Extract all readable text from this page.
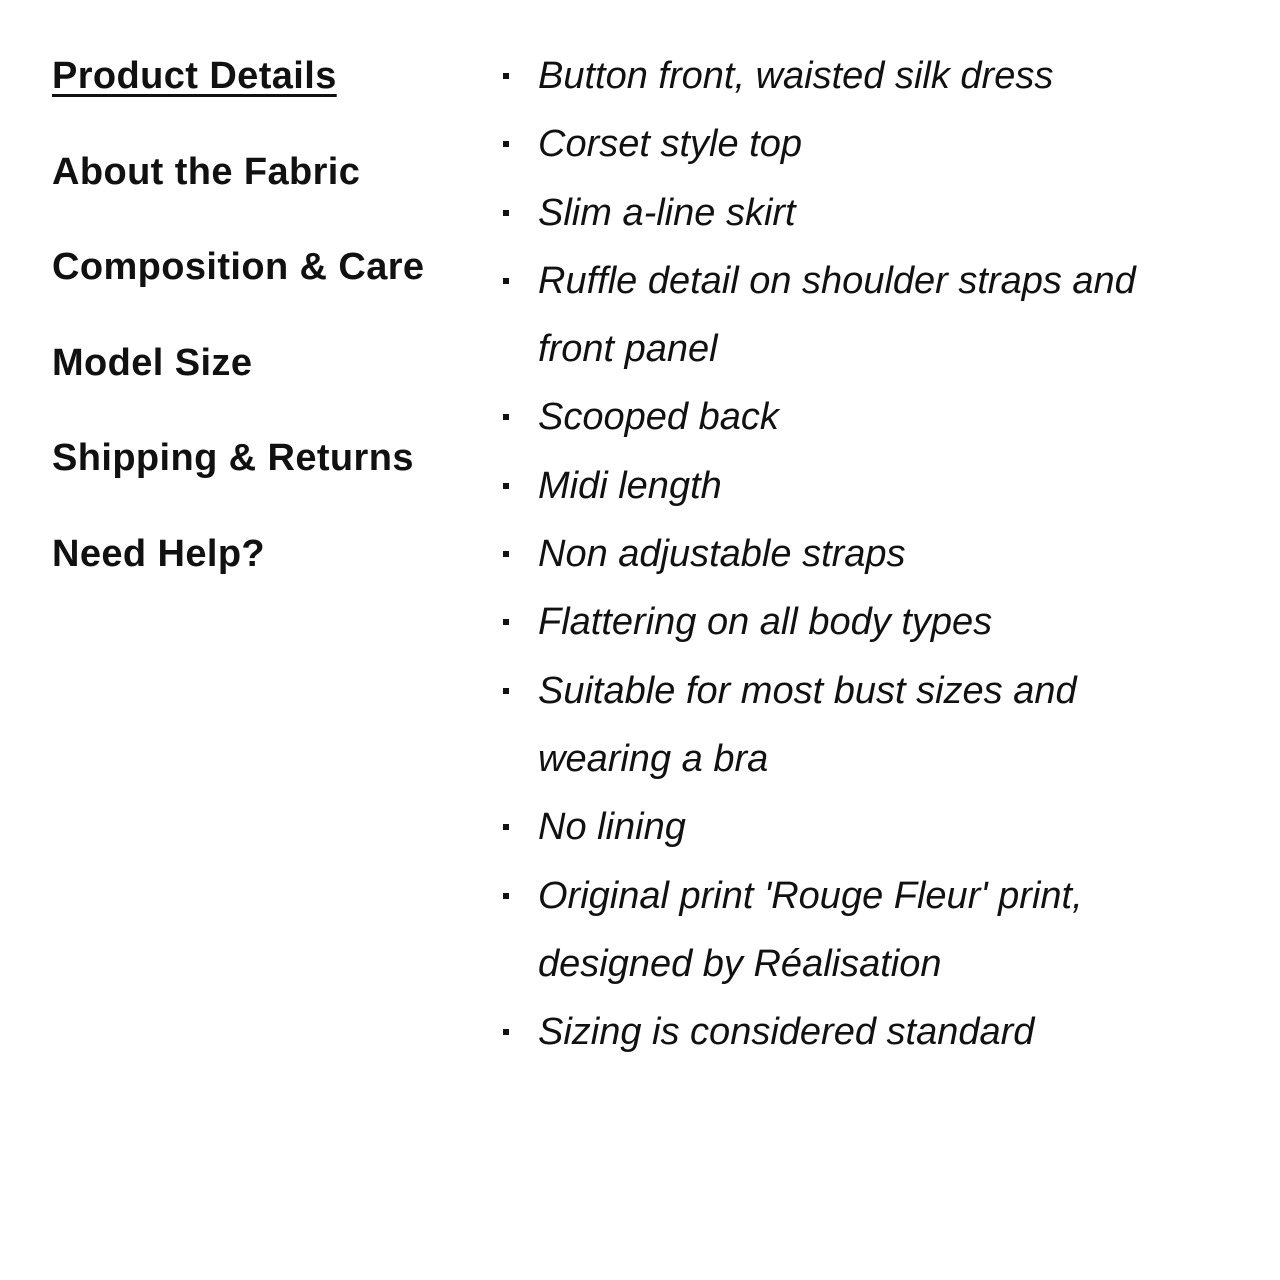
Product Details
About the Fabric
Composition & Care
Model Size
Shipping & Returns
Need Help?
Button front, waisted silk dress
Corset style top
Slim a-line skirt
Ruffle detail on shoulder straps and front panel
Scooped back
Midi length
Non adjustable straps
Flattering on all body types
Suitable for most bust sizes and wearing a bra
No lining
Original print 'Rouge Fleur' print, designed by Réalisation
Sizing is considered standard
